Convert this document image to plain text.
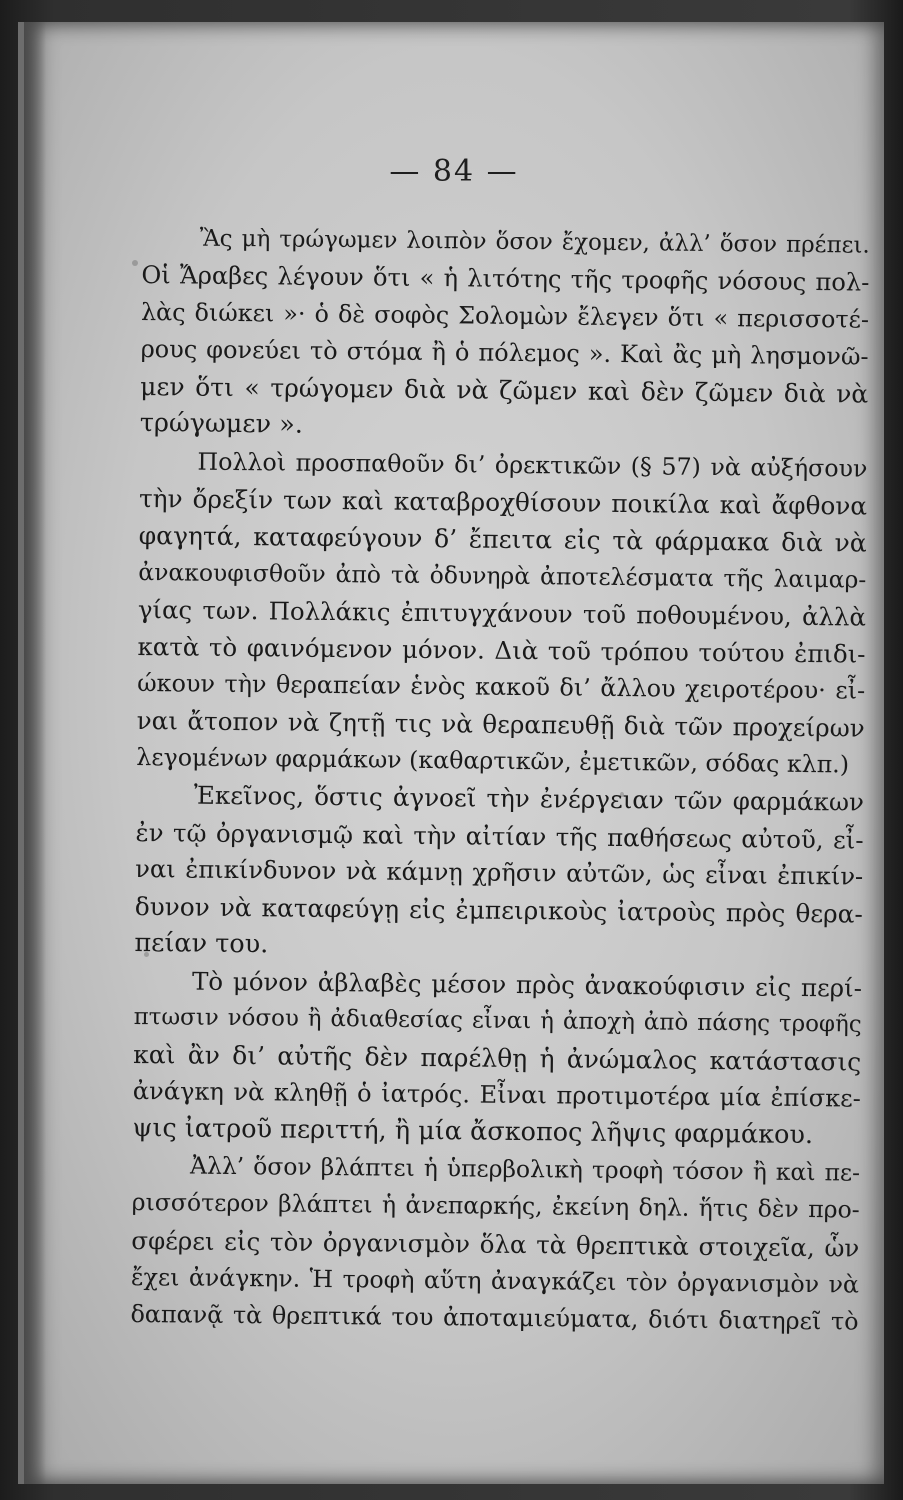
— 84 —
Ἂς μὴ τρώγωμεν λοιπὸν ὅσον ἔχομεν, ἀλλ’ ὅσον πρέπει.
Οἱ Ἄραβες λέγουν ὅτι « ἡ λιτότης τῆς τροφῆς νόσους πολ-
λὰς διώκει »· ὁ δὲ σοφὸς Σολομὼν ἔλεγεν ὅτι « περισσοτέ-
ρους φονεύει τὸ στόμα ἢ ὁ πόλεμος ». Καὶ ἂς μὴ λησμονῶ-
μεν ὅτι « τρώγομεν διὰ νὰ ζῶμεν καὶ δὲν ζῶμεν διὰ νὰ
τρώγωμεν ».
Πολλοὶ προσπαθοῦν δι’ ὀρεκτικῶν (§ 57) νὰ αὐξήσουν
τὴν ὄρεξίν των καὶ καταβροχθίσουν ποικίλα καὶ ἄφθονα
φαγητά, καταφεύγουν δ’ ἔπειτα εἰς τὰ φάρμακα διὰ νὰ
ἀνακουφισθοῦν ἀπὸ τὰ ὀδυνηρὰ ἀποτελέσματα τῆς λαιμαρ-
γίας των. Πολλάκις ἐπιτυγχάνουν τοῦ ποθουμένου, ἀλλὰ
κατὰ τὸ φαινόμενον μόνον. Διὰ τοῦ τρόπου τούτου ἐπιδι-
ώκουν τὴν θεραπείαν ἑνὸς κακοῦ δι’ ἄλλου χειροτέρου· εἶ-
ναι ἄτοπον νὰ ζητῇ τις νὰ θεραπευθῇ διὰ τῶν προχείρων
λεγομένων φαρμάκων (καθαρτικῶν, ἐμετικῶν, σόδας κλπ.)
Ἐκεῖνος, ὅστις ἀγνοεῖ τὴν ἐνέργειαν τῶν φαρμάκων
ἐν τῷ ὀργανισμῷ καὶ τὴν αἰτίαν τῆς παθήσεως αὐτοῦ, εἶ-
ναι ἐπικίνδυνον νὰ κάμνῃ χρῆσιν αὐτῶν, ὡς εἶναι ἐπικίν-
δυνον νὰ καταφεύγῃ εἰς ἐμπειρικοὺς ἰατροὺς πρὸς θερα-
πείαν του.
Τὸ μόνον ἀβλαβὲς μέσον πρὸς ἀνακούφισιν εἰς περί-
πτωσιν νόσου ἢ ἀδιαθεσίας εἶναι ἡ ἀποχὴ ἀπὸ πάσης τροφῆς
καὶ ἂν δι’ αὐτῆς δὲν παρέλθῃ ἡ ἀνώμαλος κατάστασις
ἀνάγκη νὰ κληθῇ ὁ ἰατρός. Εἶναι προτιμοτέρα μία ἐπίσκε-
ψις ἰατροῦ περιττή, ἢ μία ἄσκοπος λῆψις φαρμάκου.
Ἀλλ’ ὅσον βλάπτει ἡ ὑπερβολικὴ τροφὴ τόσον ἢ καὶ πε-
ρισσότερον βλάπτει ἡ ἀνεπαρκής, ἐκείνη δηλ. ἥτις δὲν προ-
σφέρει εἰς τὸν ὀργανισμὸν ὅλα τὰ θρεπτικὰ στοιχεῖα, ὧν
ἔχει ἀνάγκην. Ἡ τροφὴ αὕτη ἀναγκάζει τὸν ὀργανισμὸν νὰ
δαπανᾷ τὰ θρεπτικά του ἀποταμιεύματα, διότι διατηρεῖ τὸ
